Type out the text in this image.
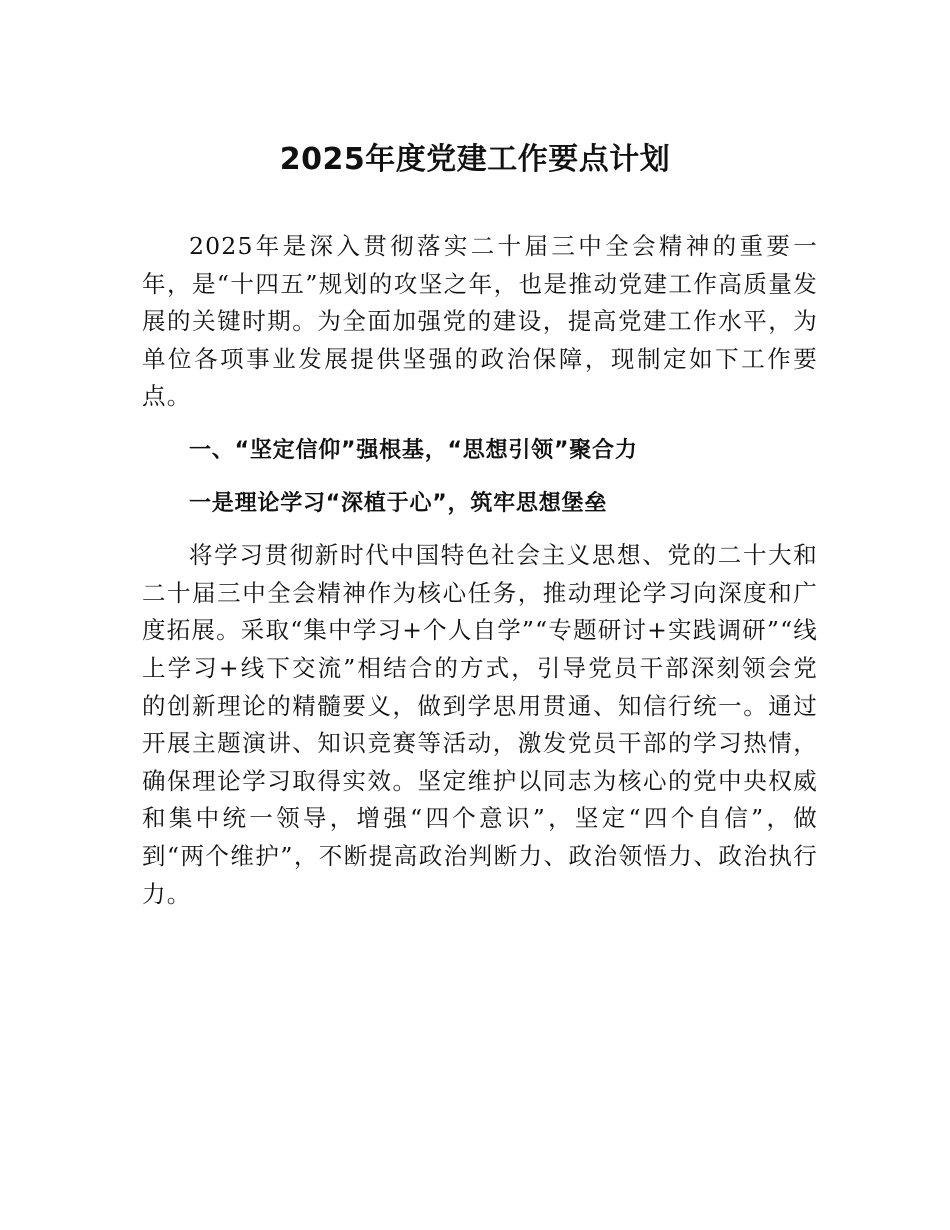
2025年度党建工作要点计划

2025年是深入贯彻落实二十届三中全会精神的重要一年，是“十四五”规划的攻坚之年，也是推动党建工作高质量发展的关键时期。为全面加强党的建设，提高党建工作水平，为单位各项事业发展提供坚强的政治保障，现制定如下工作要点。

一、“坚定信仰”强根基，“思想引领”聚合力

一是理论学习“深植于心”，筑牢思想堡垒

将学习贯彻新时代中国特色社会主义思想、党的二十大和二十届三中全会精神作为核心任务，推动理论学习向深度和广度拓展。采取“集中学习+个人自学”“专题研讨+实践调研”“线上学习+线下交流”相结合的方式，引导党员干部深刻领会党的创新理论的精髓要义，做到学思用贯通、知信行统一。通过开展主题演讲、知识竞赛等活动，激发党员干部的学习热情，确保理论学习取得实效。坚定维护以同志为核心的党中央权威和集中统一领导，增强“四个意识”，坚定“四个自信”，做到“两个维护”，不断提高政治判断力、政治领悟力、政治执行力。
